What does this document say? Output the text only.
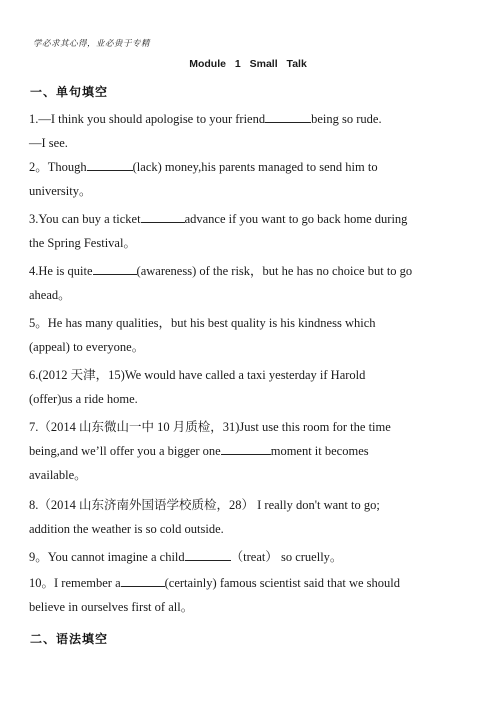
学必求其心得，业必贵于专精
Module 1 Small Talk
一、单句填空
1.—I think you should apologise to your friend	being so rude.
—I see.
2。Though	(lack) money,his parents managed to send him to
university。
3.You can buy a ticket	advance if you want to go back home during
the Spring Festival。
4.He is quite	(awareness) of the risk，but he has no choice but to go
ahead。
5。He has many qualities，but his best quality is his kindness which
(appeal) to everyone。
6.(2012 天津，15)We would have called a taxi yesterday if Harold
(offer)us a ride home.
7.（2014 山东微山一中 10 月质检，31)Just use this room for the time
being,and we’ll offer you a bigger one	moment it becomes
available。
8.（2014 山东济南外国语学校质检，28） I really don't want to go;
addition the weather is so cold outside.
9。You cannot imagine a child	（treat） so cruelly。
10。I remember a	(certainly) famous scientist said that we should
believe in ourselves first of all。
二、语法填空
